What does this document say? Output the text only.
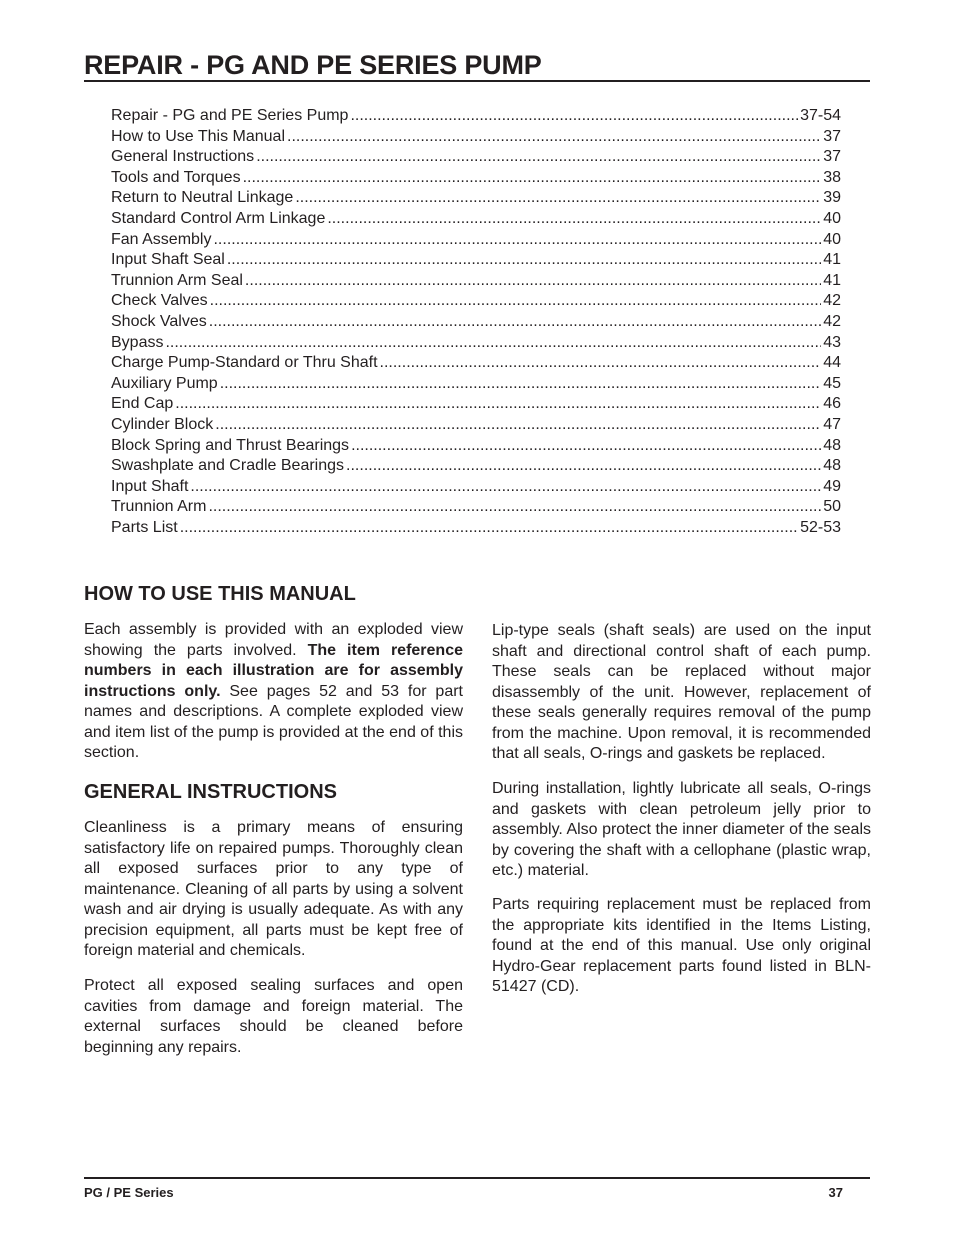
REPAIR - PG AND PE SERIES PUMP
Repair - PG and PE Series Pump .....	37-54
How to Use This Manual .....	37
General Instructions .....	37
Tools and Torques .....	38
Return to Neutral Linkage .....	39
Standard Control Arm Linkage .....	40
Fan Assembly .....	40
Input Shaft Seal .....	41
Trunnion Arm Seal .....	41
Check Valves .....	42
Shock Valves .....	42
Bypass .....	43
Charge Pump-Standard or Thru Shaft .....	44
Auxiliary Pump .....	45
End Cap .....	46
Cylinder Block .....	47
Block Spring and Thrust Bearings .....	48
Swashplate and Cradle Bearings .....	48
Input Shaft .....	49
Trunnion Arm .....	50
Parts List .....	52-53
HOW TO USE THIS MANUAL

Each assembly is provided with an exploded view showing the parts involved. The item reference numbers in each illustration are for assembly instructions only. See pages 52 and 53 for part names and descriptions. A complete exploded view and item list of the pump is provided at the end of this section.

GENERAL INSTRUCTIONS

Cleanliness is a primary means of ensuring satisfactory life on repaired pumps. Thoroughly clean all exposed surfaces prior to any type of maintenance. Cleaning of all parts by using a solvent wash and air drying is usually adequate. As with any precision equipment, all parts must be kept free of foreign material and chemicals.

Protect all exposed sealing surfaces and open cavities from damage and foreign material. The external surfaces should be cleaned before beginning any repairs.

Lip-type seals (shaft seals) are used on the input shaft and directional control shaft of each pump. These seals can be replaced without major disassembly of the unit. However, replacement of these seals generally requires removal of the pump from the machine. Upon removal, it is recommended that all seals, O-rings and gaskets be replaced.

During installation, lightly lubricate all seals, O-rings and gaskets with clean petroleum jelly prior to assembly. Also protect the inner diameter of the seals by covering the shaft with a cellophane (plastic wrap, etc.) material.

Parts requiring replacement must be replaced from the appropriate kits identified in the Items Listing, found at the end of this manual. Use only original Hydro-Gear replacement parts found listed in BLN-51427 (CD).

PG / PE Series	37
